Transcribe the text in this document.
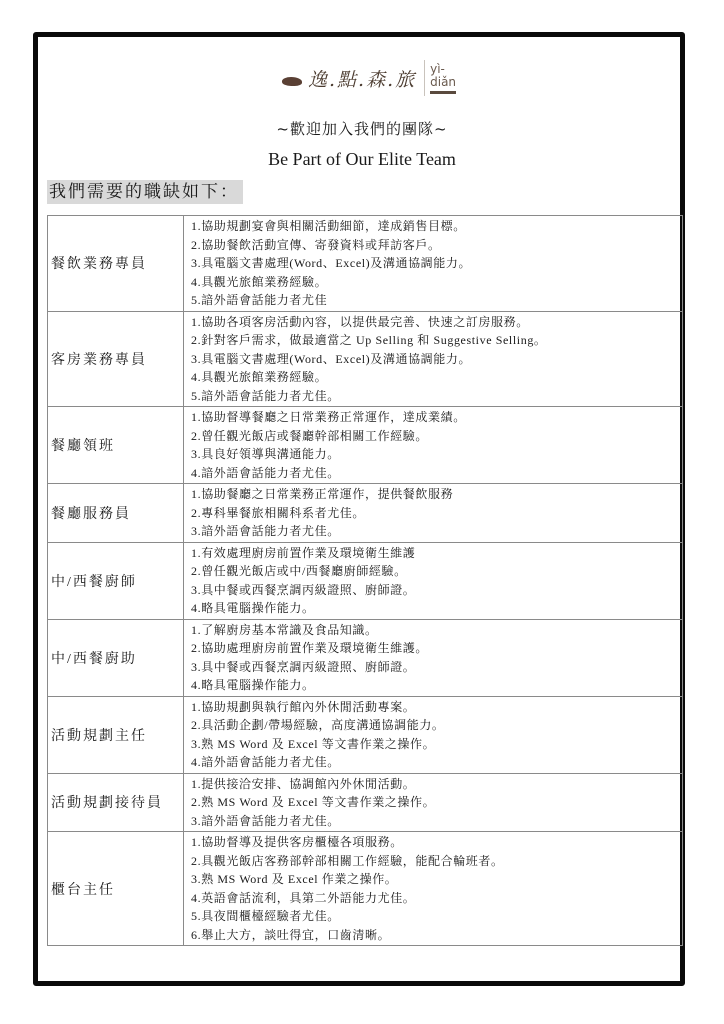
逸.點.森.旅 yì-
diǎn
~歡迎加入我們的團隊~
Be Part of Our Elite Team
我們需要的職缺如下：
餐飲業務專員	1.協助規劃宴會與相關活動細節，達成銷售目標。
2.協助餐飲活動宣傳、寄發資料或拜訪客戶。
3.具電腦文書處理(Word、Excel)及溝通協調能力。
4.具觀光旅館業務經驗。
5.諳外語會話能力者尤佳

客房業務專員	1.協助各項客房活動內容，以提供最完善、快速之訂房服務。
2.針對客戶需求，做最適當之 Up Selling 和 Suggestive Selling。
3.具電腦文書處理(Word、Excel)及溝通協調能力。
4.具觀光旅館業務經驗。
5.諳外語會話能力者尤佳。

餐廳領班	1.協助督導餐廳之日常業務正常運作，達成業績。
2.曾任觀光飯店或餐廳幹部相關工作經驗。
3.具良好領導與溝通能力。
4.諳外語會話能力者尤佳。

餐廳服務員	1.協助餐廳之日常業務正常運作，提供餐飲服務
2.專科畢餐旅相關科系者尤佳。
3.諳外語會話能力者尤佳。

中/西餐廚師	1.有效處理廚房前置作業及環境衛生維護
2.曾任觀光飯店或中/西餐廳廚師經驗。
3.具中餐或西餐烹調丙級證照、廚師證。
4.略具電腦操作能力。

中/西餐廚助	1.了解廚房基本常識及食品知識。
2.協助處理廚房前置作業及環境衛生維護。
3.具中餐或西餐烹調丙級證照、廚師證。
4.略具電腦操作能力。

活動規劃主任	1.協助規劃與執行館內外休閒活動專案。
2.具活動企劃/帶場經驗，高度溝通協調能力。
3.熟 MS Word 及 Excel 等文書作業之操作。
4.諳外語會話能力者尤佳。

活動規劃接待員	1.提供接洽安排、協調館內外休閒活動。
2.熟 MS Word 及 Excel 等文書作業之操作。
3.諳外語會話能力者尤佳。

櫃台主任	
1.協助督導及提供客房櫃檯各項服務。
2.具觀光飯店客務部幹部相關工作經驗，能配合輪班者。
3.熟 MS Word 及 Excel 作業之操作。
4.英語會話流利，具第二外語能力尤佳。
5.具夜間櫃檯經驗者尤佳。
6.舉止大方，談吐得宜，口齒清晰。
